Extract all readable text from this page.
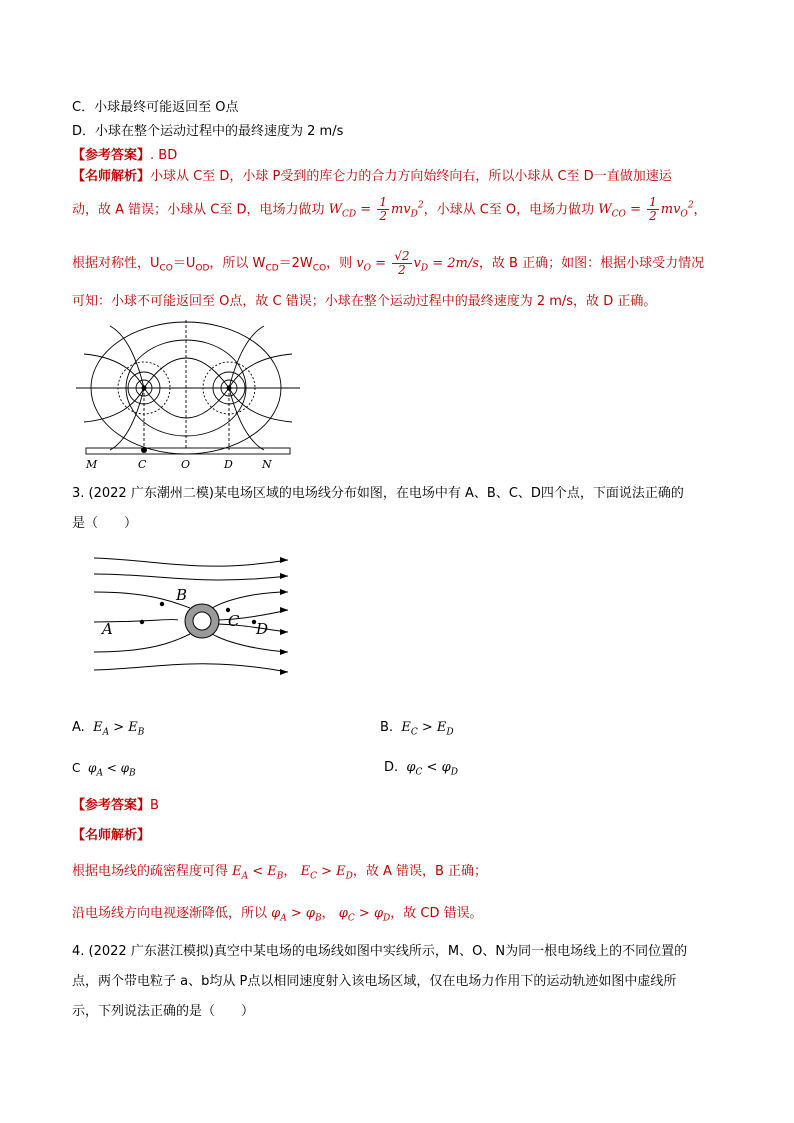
C．小球最终可能返回至 O点
D．小球在整个运动过程中的最终速度为 2 m/s
【参考答案】. BD
【名师解析】小球从 C至 D，小球 P受到的库仑力的合力方向始终向右，所以小球从 C至 D一直做加速运
动，故 A 错误；小球从 C至 D，电场力做功 $W_{CD} = \frac{1}{2} mv_D^2$，小球从 C至 O，电场力做功 $W_{CO} = \frac{1}{2} mv_O^2$，
根据对称性，$U_{CO}=U_{OD}$，所以 $W_{CD}=2W_{CO}$，则 $v_O = \frac{√2}{2} v_D = 2m/s$，故 B 正确；如图：根据小球受力情况
可知：小球不可能返回至 O点，故 C 错误；小球在整个运动过程中的最终速度为 2 m/s，故 D 正确。
M	C	O	D	N
3. (2022 广东潮州二模)某电场区域的电场线分布如图，在电场中有 A、B、C、D四个点，下面说法正确的
是（　　）
A
B
C D
A. $E_A > E_B$	B. $E_C > E_D$
C $\varphi_A < \varphi_B$	D. $\varphi_C < \varphi_D$
【参考答案】B
【名师解析】
根据电场线的疏密程度可得 $E_A < E_B$， $E_C > E_D$，故 A 错误，B 正确；
沿电场线方向电视逐渐降低，所以 $\varphi_A > \varphi_B$， $\varphi_C > \varphi_D$，故 CD 错误。
4. (2022 广东湛江模拟)真空中某电场的电场线如图中实线所示，M、O、N为同一根电场线上的不同位置的
点，两个带电粒子 a、b均从 P点以相同速度射入该电场区域，仅在电场力作用下的运动轨迹如图中虚线所
示，下列说法正确的是（　　）
